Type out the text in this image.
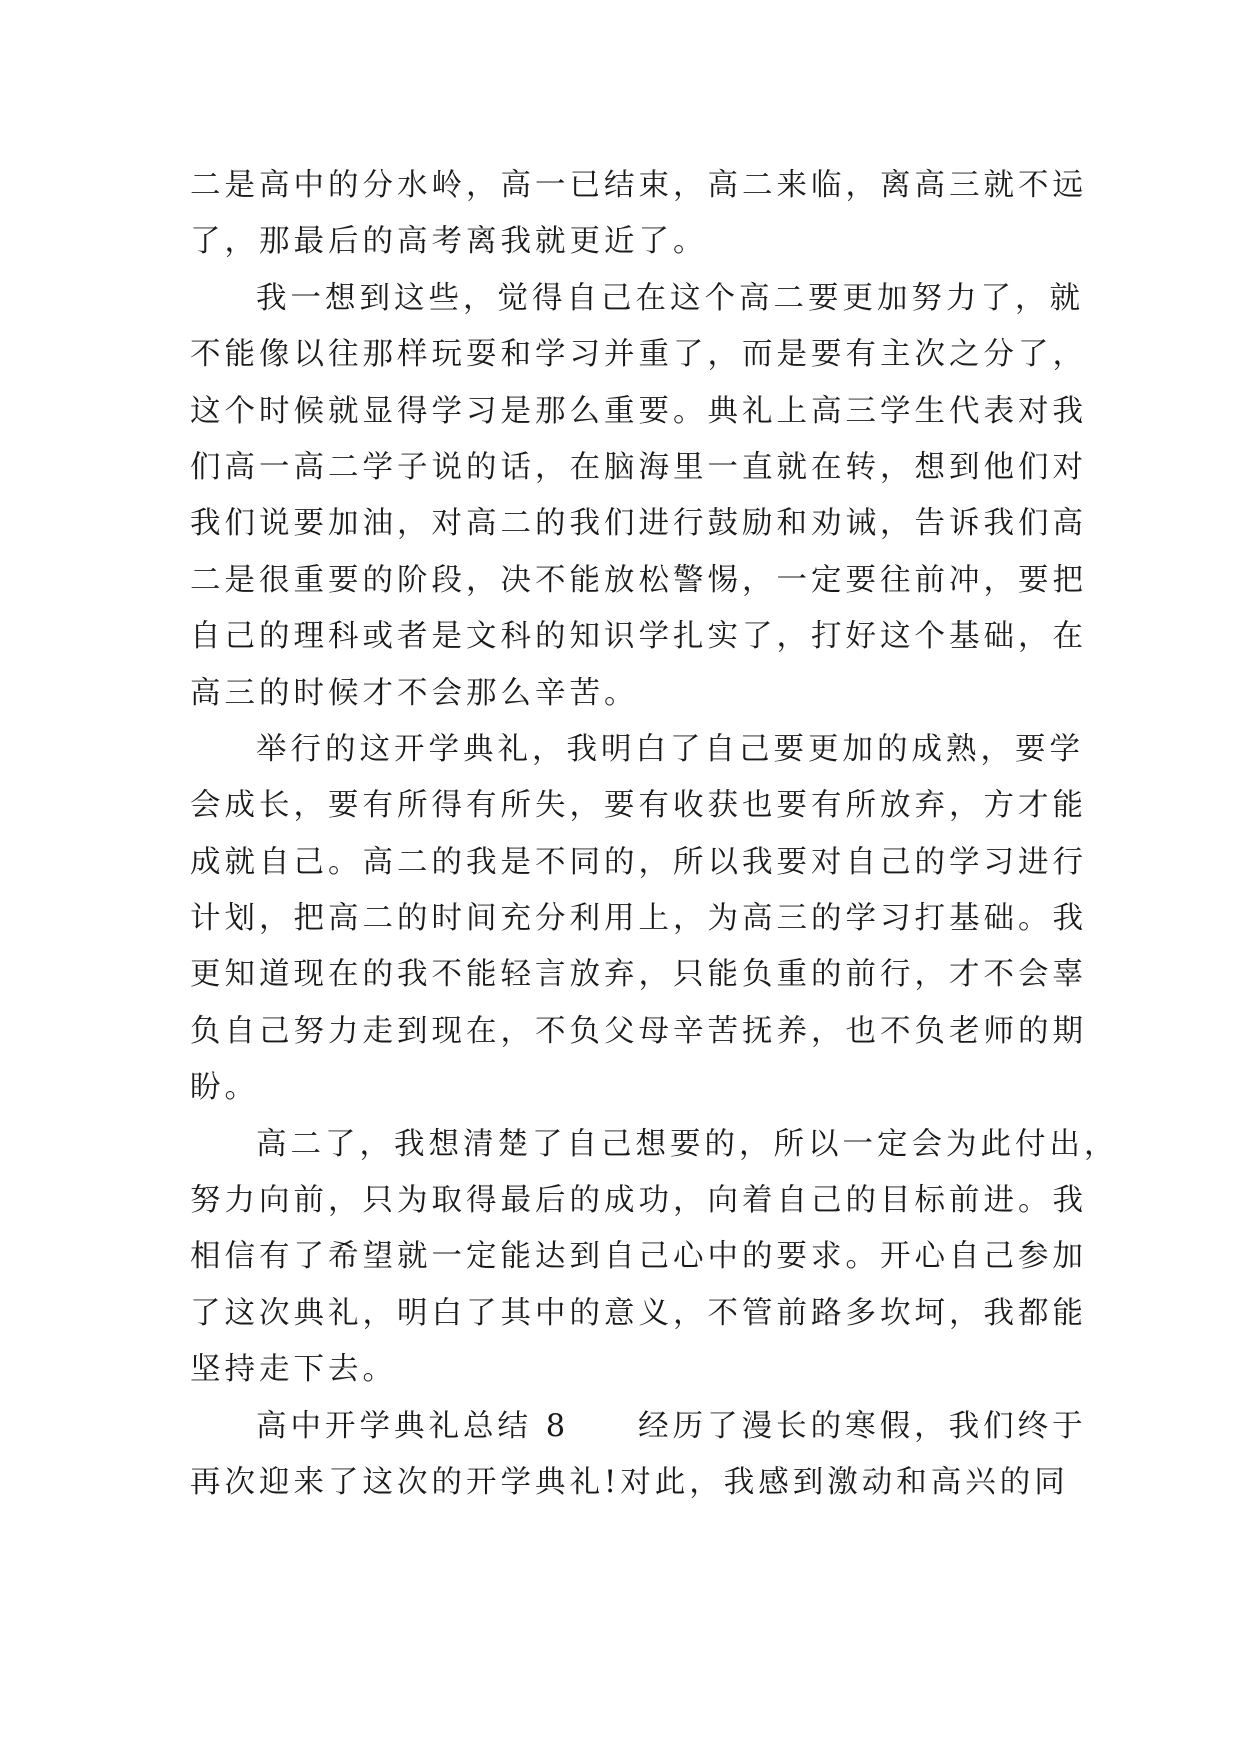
二是高中的分水岭，高一已结束，高二来临，离高三就不远
了，那最后的高考离我就更近了。
我一想到这些，觉得自己在这个高二要更加努力了，就
不能像以往那样玩耍和学习并重了，而是要有主次之分了，
这个时候就显得学习是那么重要。典礼上高三学生代表对我
们高一高二学子说的话，在脑海里一直就在转，想到他们对
我们说要加油，对高二的我们进行鼓励和劝诫，告诉我们高
二是很重要的阶段，决不能放松警惕，一定要往前冲，要把
自己的理科或者是文科的知识学扎实了，打好这个基础，在
高三的时候才不会那么辛苦。
举行的这开学典礼，我明白了自己要更加的成熟，要学
会成长，要有所得有所失，要有收获也要有所放弃，方才能
成就自己。高二的我是不同的，所以我要对自己的学习进行
计划，把高二的时间充分利用上，为高三的学习打基础。我
更知道现在的我不能轻言放弃，只能负重的前行，才不会辜
负自己努力走到现在，不负父母辛苦抚养，也不负老师的期
盼。
高二了，我想清楚了自己想要的，所以一定会为此付出，
努力向前，只为取得最后的成功，向着自己的目标前进。我
相信有了希望就一定能达到自己心中的要求。开心自己参加
了这次典礼，明白了其中的意义，不管前路多坎坷，我都能
坚持走下去。
高中开学典礼总结 8　　经历了漫长的寒假，我们终于
再次迎来了这次的开学典礼!对此，我感到激动和高兴的同
